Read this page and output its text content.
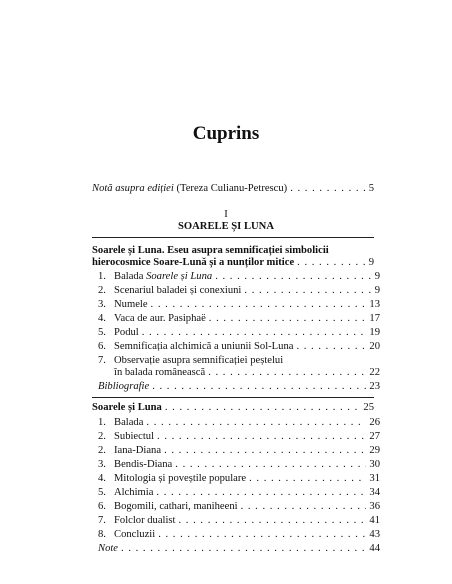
Cuprins
Notă asupra ediției (Tereza Culianu-Petrescu) . . .	5
I
SOARELE ȘI LUNA
Soarele și Luna. Eseu asupra semnificației simbolicii
hierocosmice Soare-Lună și a nunților mitice . . .	9
1. Balada Soarele și Luna . . .	9
2. Scenariul baladei și conexiuni . . .	9
3. Numele . . .	13
4. Vaca de aur. Pasiphaë . . .	17
5. Podul . . .	19
6. Semnificația alchimică a uniunii Sol-Luna . . .	20
7. Observație asupra semnificației peștelui
în balada românească . . .	22
Bibliografie . . .	23
Soarele și Luna . . .	25
1. Balada . . .	26
2. Subiectul . . .	27
2. Iana-Diana . . .	29
3. Bendis-Diana . . .	30
4. Mitologia și poveștile populare . . .	31
5. Alchimia . . .	34
6. Bogomili, cathari, maniheeni . . .	36
7. Folclor dualist . . .	41
8. Concluzii . . .	43
Note . . .	44
